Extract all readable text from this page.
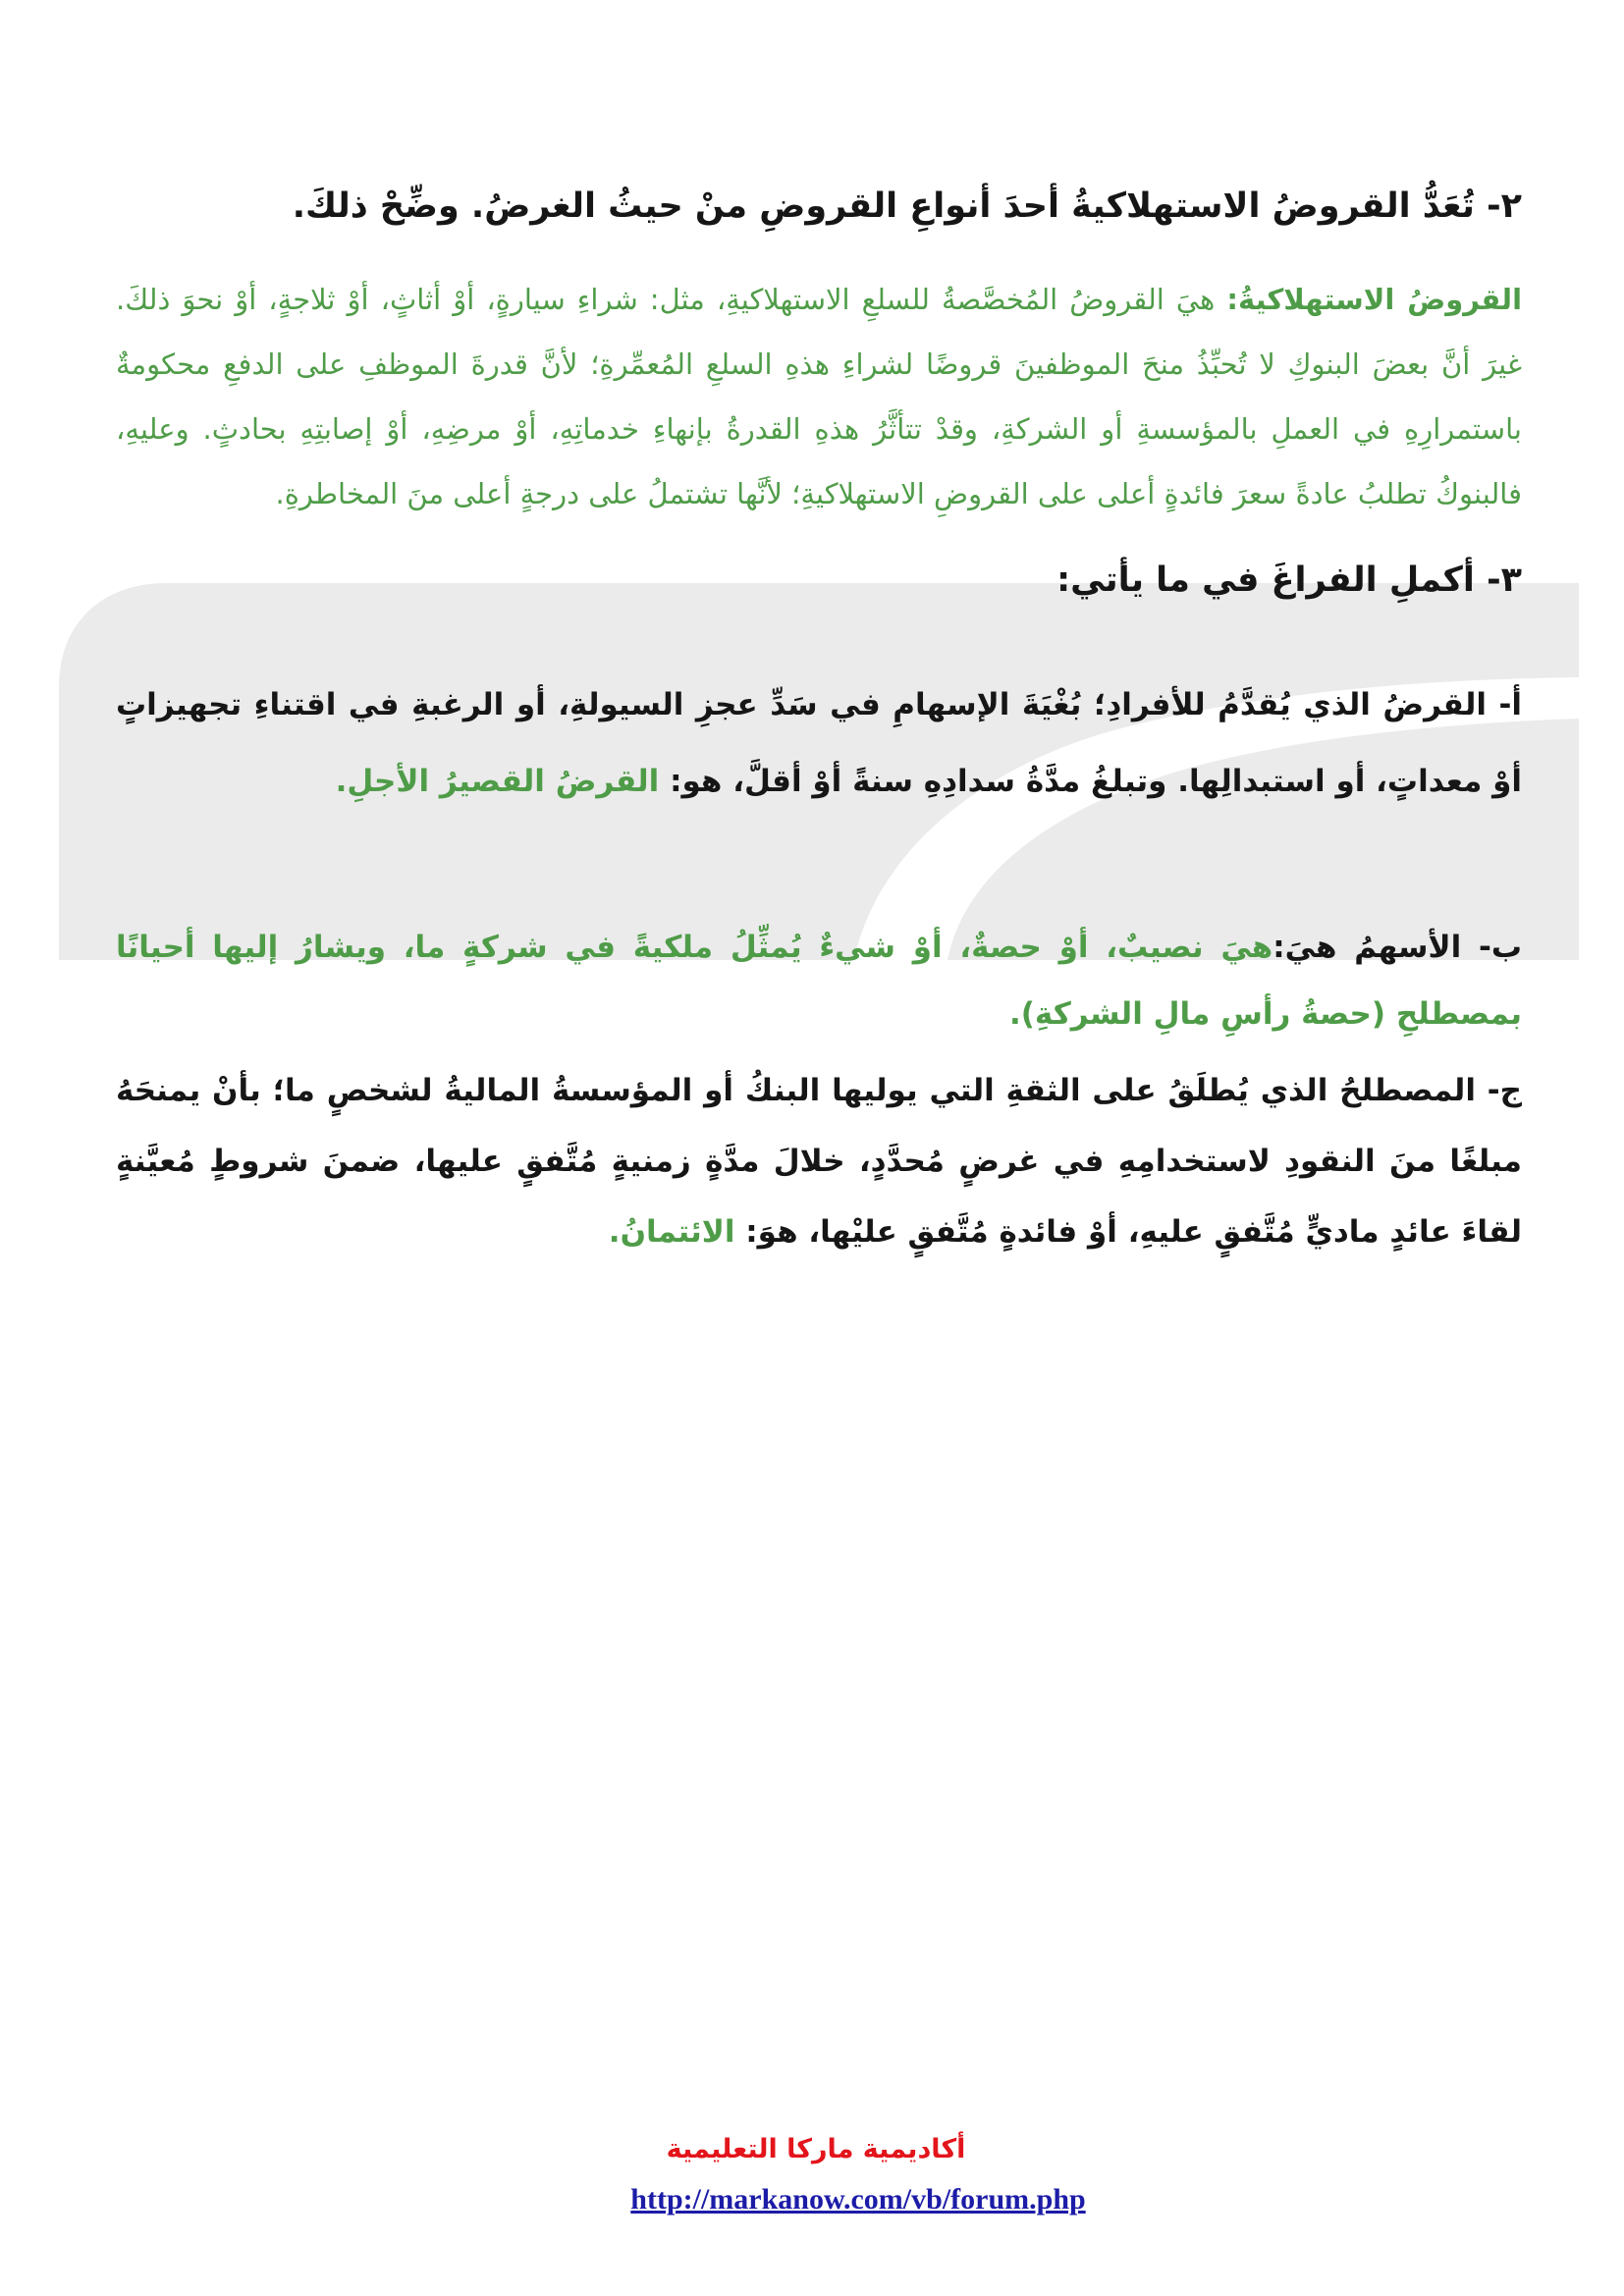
٢- تُعَدُّ القروضُ الاستهلاكيةُ أحدَ أنواعِ القروضِ منْ حيثُ الغرضُ. وضِّحْ ذلكَ.

القروضُ الاستهلاكيةُ: هيَ القروضُ المُخصَّصةُ للسلعِ الاستهلاكيةِ، مثل: شراءِ سيارةٍ، أوْ أثاثٍ، أوْ ثلاجةٍ، أوْ نحوَ ذلكَ. غيرَ أنَّ بعضَ البنوكِ لا تُحبِّذُ منحَ الموظفينَ قروضًا لشراءِ هذهِ السلعِ المُعمِّرةِ؛ لأنَّ قدرةَ الموظفِ على الدفعِ محكومةٌ باستمرارِهِ في العملِ بالمؤسسةِ أو الشركةِ، وقدْ تتأثَّرُ هذهِ القدرةُ بإنهاءِ خدماتِهِ، أوْ مرضِهِ، أوْ إصابتِهِ بحادثٍ. وعليهِ، فالبنوكُ تطلبُ عادةً سعرَ فائدةٍ أعلى على القروضِ الاستهلاكيةِ؛ لأنَّها تشتملُ على درجةٍ أعلى منَ المخاطرةِ.

٣- أكملِ الفراغَ في ما يأتي:

أ- القرضُ الذي يُقدَّمُ للأفرادِ؛ بُغْيَةَ الإسهامِ في سَدِّ عجزِ السيولةِ، أو الرغبةِ في اقتناءِ تجهيزاتٍ أوْ معداتٍ، أو استبدالِها. وتبلغُ مدَّةُ سدادِهِ سنةً أوْ أقلَّ، هو: القرضُ القصيرُ الأجلِ.

ب- الأسهمُ هيَ:هيَ نصيبٌ، أوْ حصةٌ، أوْ شيءٌ يُمثِّلُ ملكيةً في شركةٍ ما، ويشارُ إليها أحيانًا بمصطلحِ (حصةُ رأسِ مالِ الشركةِ).

ج- المصطلحُ الذي يُطلَقُ على الثقةِ التي يوليها البنكُ أو المؤسسةُ الماليةُ لشخصٍ ما؛ بأنْ يمنحَهُ مبلغًا منَ النقودِ لاستخدامِهِ في غرضٍ مُحدَّدٍ، خلالَ مدَّةٍ زمنيةٍ مُتَّفقٍ عليها، ضمنَ شروطٍ مُعيَّنةٍ لقاءَ عائدٍ ماديٍّ مُتَّفقٍ عليهِ، أوْ فائدةٍ مُتَّفقٍ عليْها، هوَ: الائتمانُ.

أكاديمية ماركا التعليمية
http://markanow.com/vb/forum.php
